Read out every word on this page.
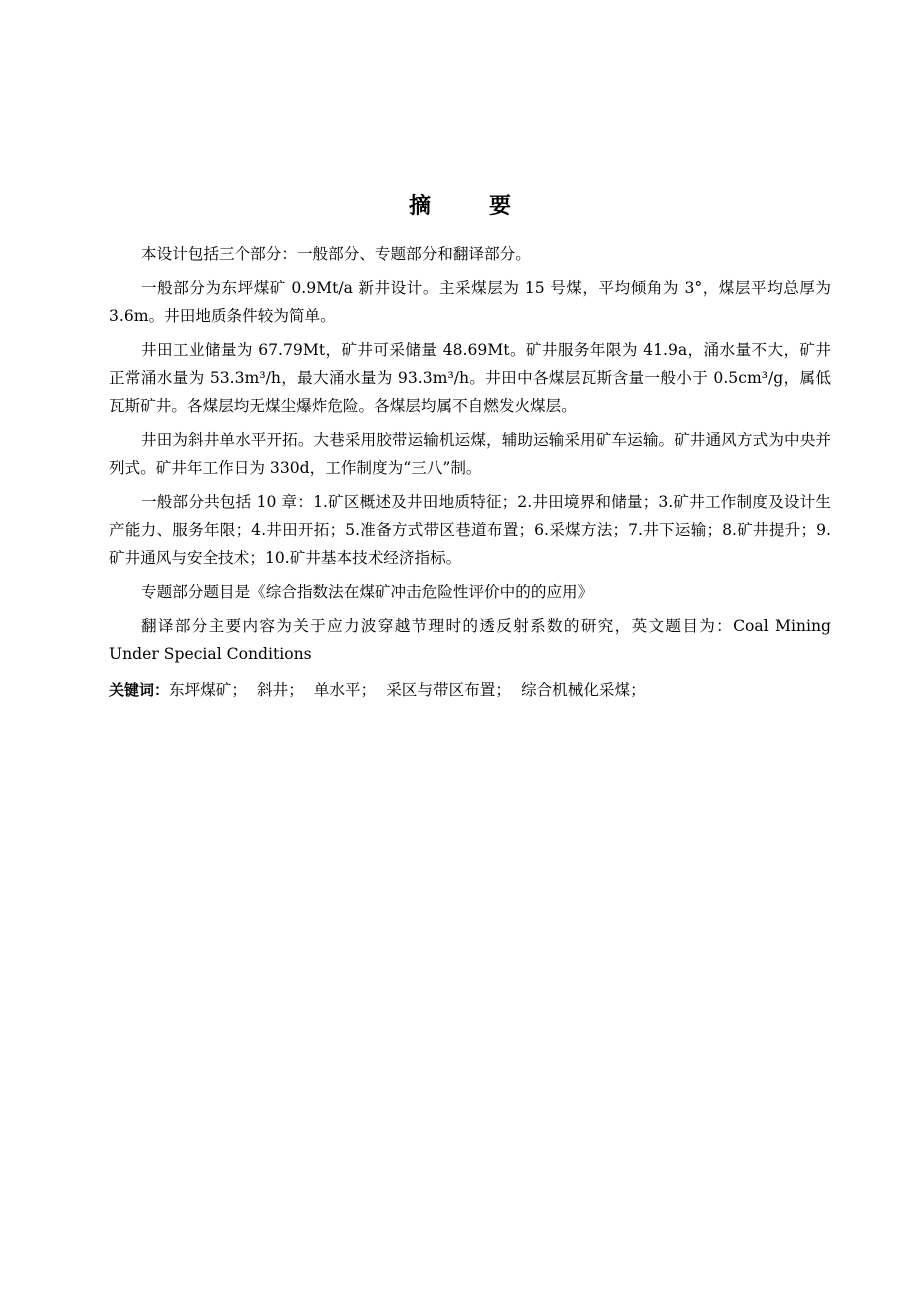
摘　要

本设计包括三个部分：一般部分、专题部分和翻译部分。

一般部分为东坪煤矿 0.9Mt/a 新井设计。主采煤层为 15 号煤，平均倾角为 3°，煤层平均总厚为 3.6m。井田地质条件较为简单。

井田工业储量为 67.79Mt，矿井可采储量 48.69Mt。矿井服务年限为 41.9a，涌水量不大，矿井正常涌水量为 53.3m³/h，最大涌水量为 93.3m³/h。井田中各煤层瓦斯含量一般小于 0.5cm³/g，属低瓦斯矿井。各煤层均无煤尘爆炸危险。各煤层均属不自燃发火煤层。

井田为斜井单水平开拓。大巷采用胶带运输机运煤，辅助运输采用矿车运输。矿井通风方式为中央并列式。矿井年工作日为 330d，工作制度为“三八”制。

一般部分共包括 10 章：1.矿区概述及井田地质特征；2.井田境界和储量；3.矿井工作制度及设计生产能力、服务年限；4.井田开拓；5.准备方式带区巷道布置；6.采煤方法；7.井下运输；8.矿井提升；9.矿井通风与安全技术；10.矿井基本技术经济指标。

专题部分题目是《综合指数法在煤矿冲击危险性评价中的的应用》

翻译部分主要内容为关于应力波穿越节理时的透反射系数的研究，英文题目为：Coal Mining Under Special Conditions

关键词：东坪煤矿； 斜井； 单水平； 采区与带区布置； 综合机械化采煤；
